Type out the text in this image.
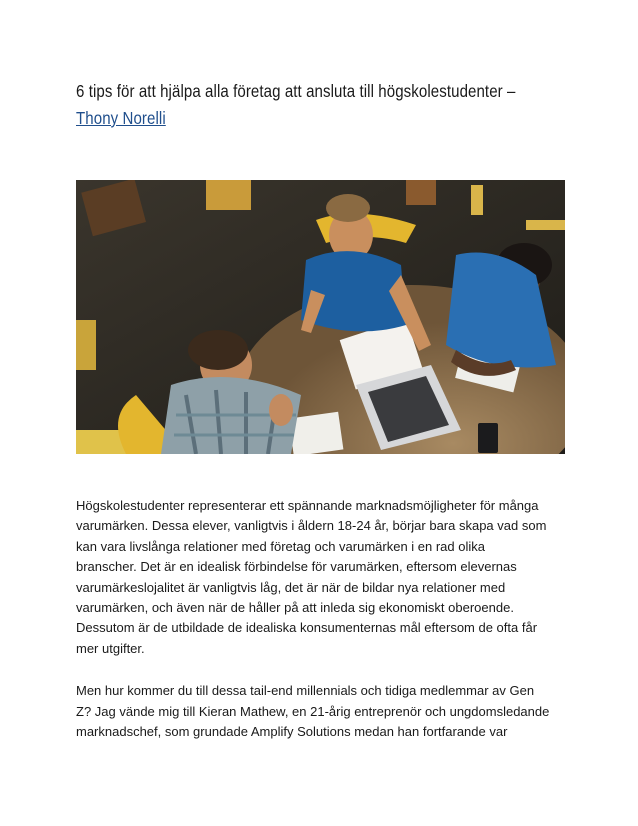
6 tips för att hjälpa alla företag att ansluta till högskolestudenter –
Thony Norelli

Högskolestudenter representerar ett spännande marknadsmöjligheter för många
varumärken. Dessa elever, vanligtvis i åldern 18-24 år, börjar bara skapa vad som
kan vara livslånga relationer med företag och varumärken i en rad olika
branscher. Det är en idealisk förbindelse för varumärken, eftersom elevernas
varumärkeslojalitet är vanligtvis låg, det är när de bildar nya relationer med
varumärken, och även när de håller på att inleda sig ekonomiskt oberoende.
Dessutom är de utbildade de idealiska konsumenternas mål eftersom de ofta får
mer utgifter.

Men hur kommer du till dessa tail-end millennials och tidiga medlemmar av Gen
Z? Jag vände mig till Kieran Mathew, en 21-årig entreprenör och ungdomsledande
marknadschef, som grundade Amplify Solutions medan han fortfarande var
